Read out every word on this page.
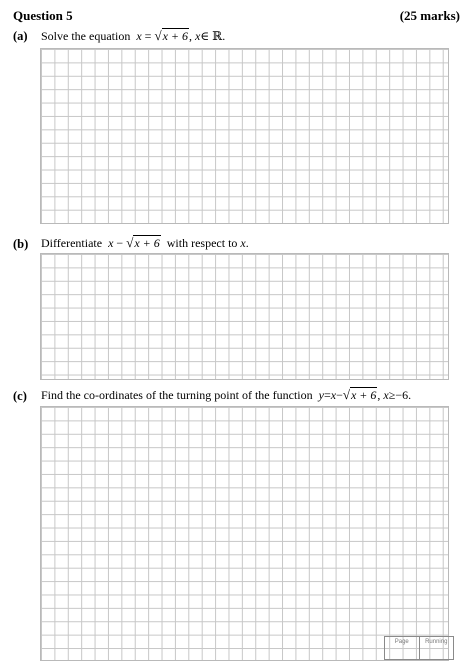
Question 5	(25 marks)
(a) Solve the equation x = √x + 6, x∈ ℝ.
(b) Differentiate x − √x + 6 with respect to x.
(c) Find the co-ordinates of the turning point of the function y=x−√x + 6, x≥−6.
Page	Running
